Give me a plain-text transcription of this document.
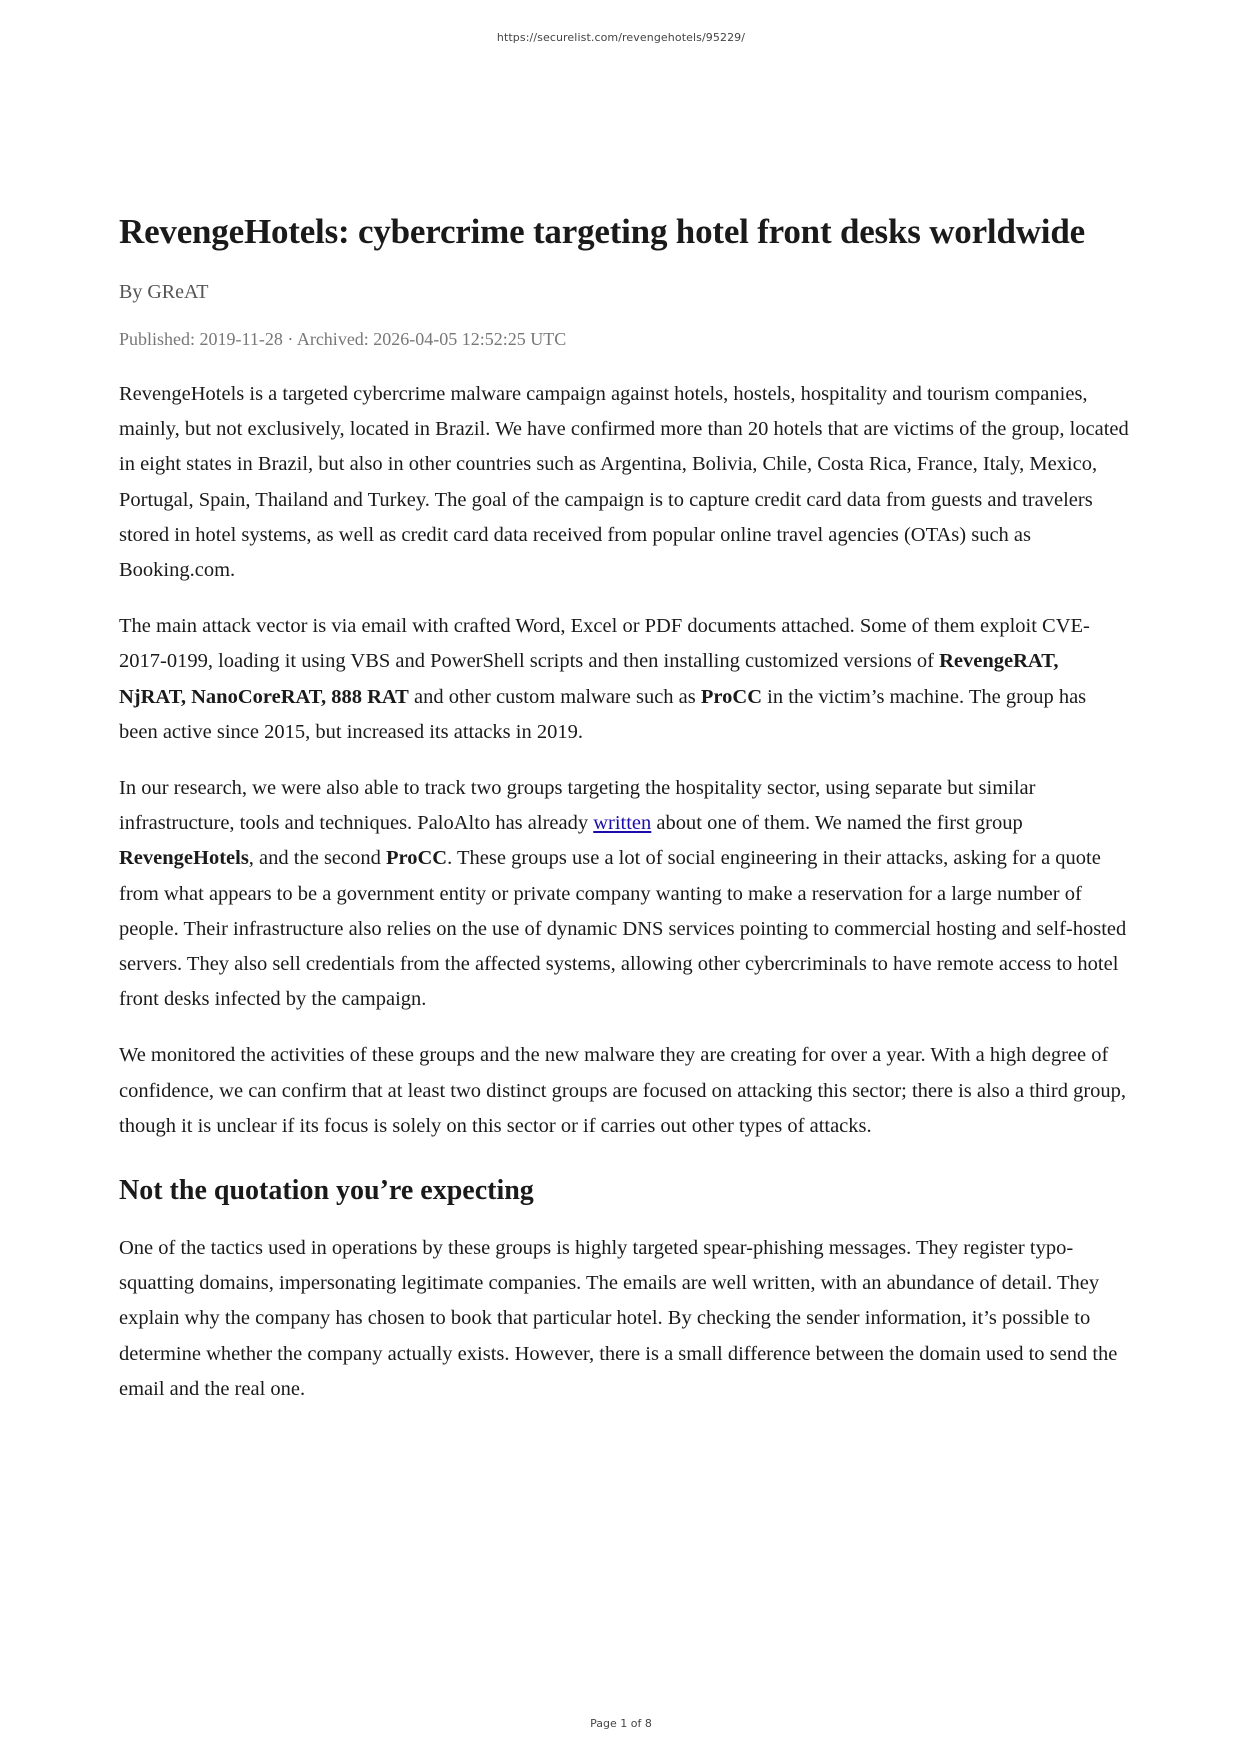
https://securelist.com/revengehotels/95229/
RevengeHotels: cybercrime targeting hotel front desks worldwide
By GReAT
Published: 2019-11-28 · Archived: 2026-04-05 12:52:25 UTC

RevengeHotels is a targeted cybercrime malware campaign against hotels, hostels, hospitality and tourism companies, mainly, but not exclusively, located in Brazil. We have confirmed more than 20 hotels that are victims of the group, located in eight states in Brazil, but also in other countries such as Argentina, Bolivia, Chile, Costa Rica, France, Italy, Mexico, Portugal, Spain, Thailand and Turkey. The goal of the campaign is to capture credit card data from guests and travelers stored in hotel systems, as well as credit card data received from popular online travel agencies (OTAs) such as Booking.com.

The main attack vector is via email with crafted Word, Excel or PDF documents attached. Some of them exploit CVE-2017-0199, loading it using VBS and PowerShell scripts and then installing customized versions of RevengeRAT, NjRAT, NanoCoreRAT, 888 RAT and other custom malware such as ProCC in the victim’s machine. The group has been active since 2015, but increased its attacks in 2019.

In our research, we were also able to track two groups targeting the hospitality sector, using separate but similar infrastructure, tools and techniques. PaloAlto has already written about one of them. We named the first group RevengeHotels, and the second ProCC. These groups use a lot of social engineering in their attacks, asking for a quote from what appears to be a government entity or private company wanting to make a reservation for a large number of people. Their infrastructure also relies on the use of dynamic DNS services pointing to commercial hosting and self-hosted servers. They also sell credentials from the affected systems, allowing other cybercriminals to have remote access to hotel front desks infected by the campaign.

We monitored the activities of these groups and the new malware they are creating for over a year. With a high degree of confidence, we can confirm that at least two distinct groups are focused on attacking this sector; there is also a third group, though it is unclear if its focus is solely on this sector or if carries out other types of attacks.

Not the quotation you’re expecting

One of the tactics used in operations by these groups is highly targeted spear-phishing messages. They register typo-squatting domains, impersonating legitimate companies. The emails are well written, with an abundance of detail. They explain why the company has chosen to book that particular hotel. By checking the sender information, it’s possible to determine whether the company actually exists. However, there is a small difference between the domain used to send the email and the real one.

Page 1 of 8
